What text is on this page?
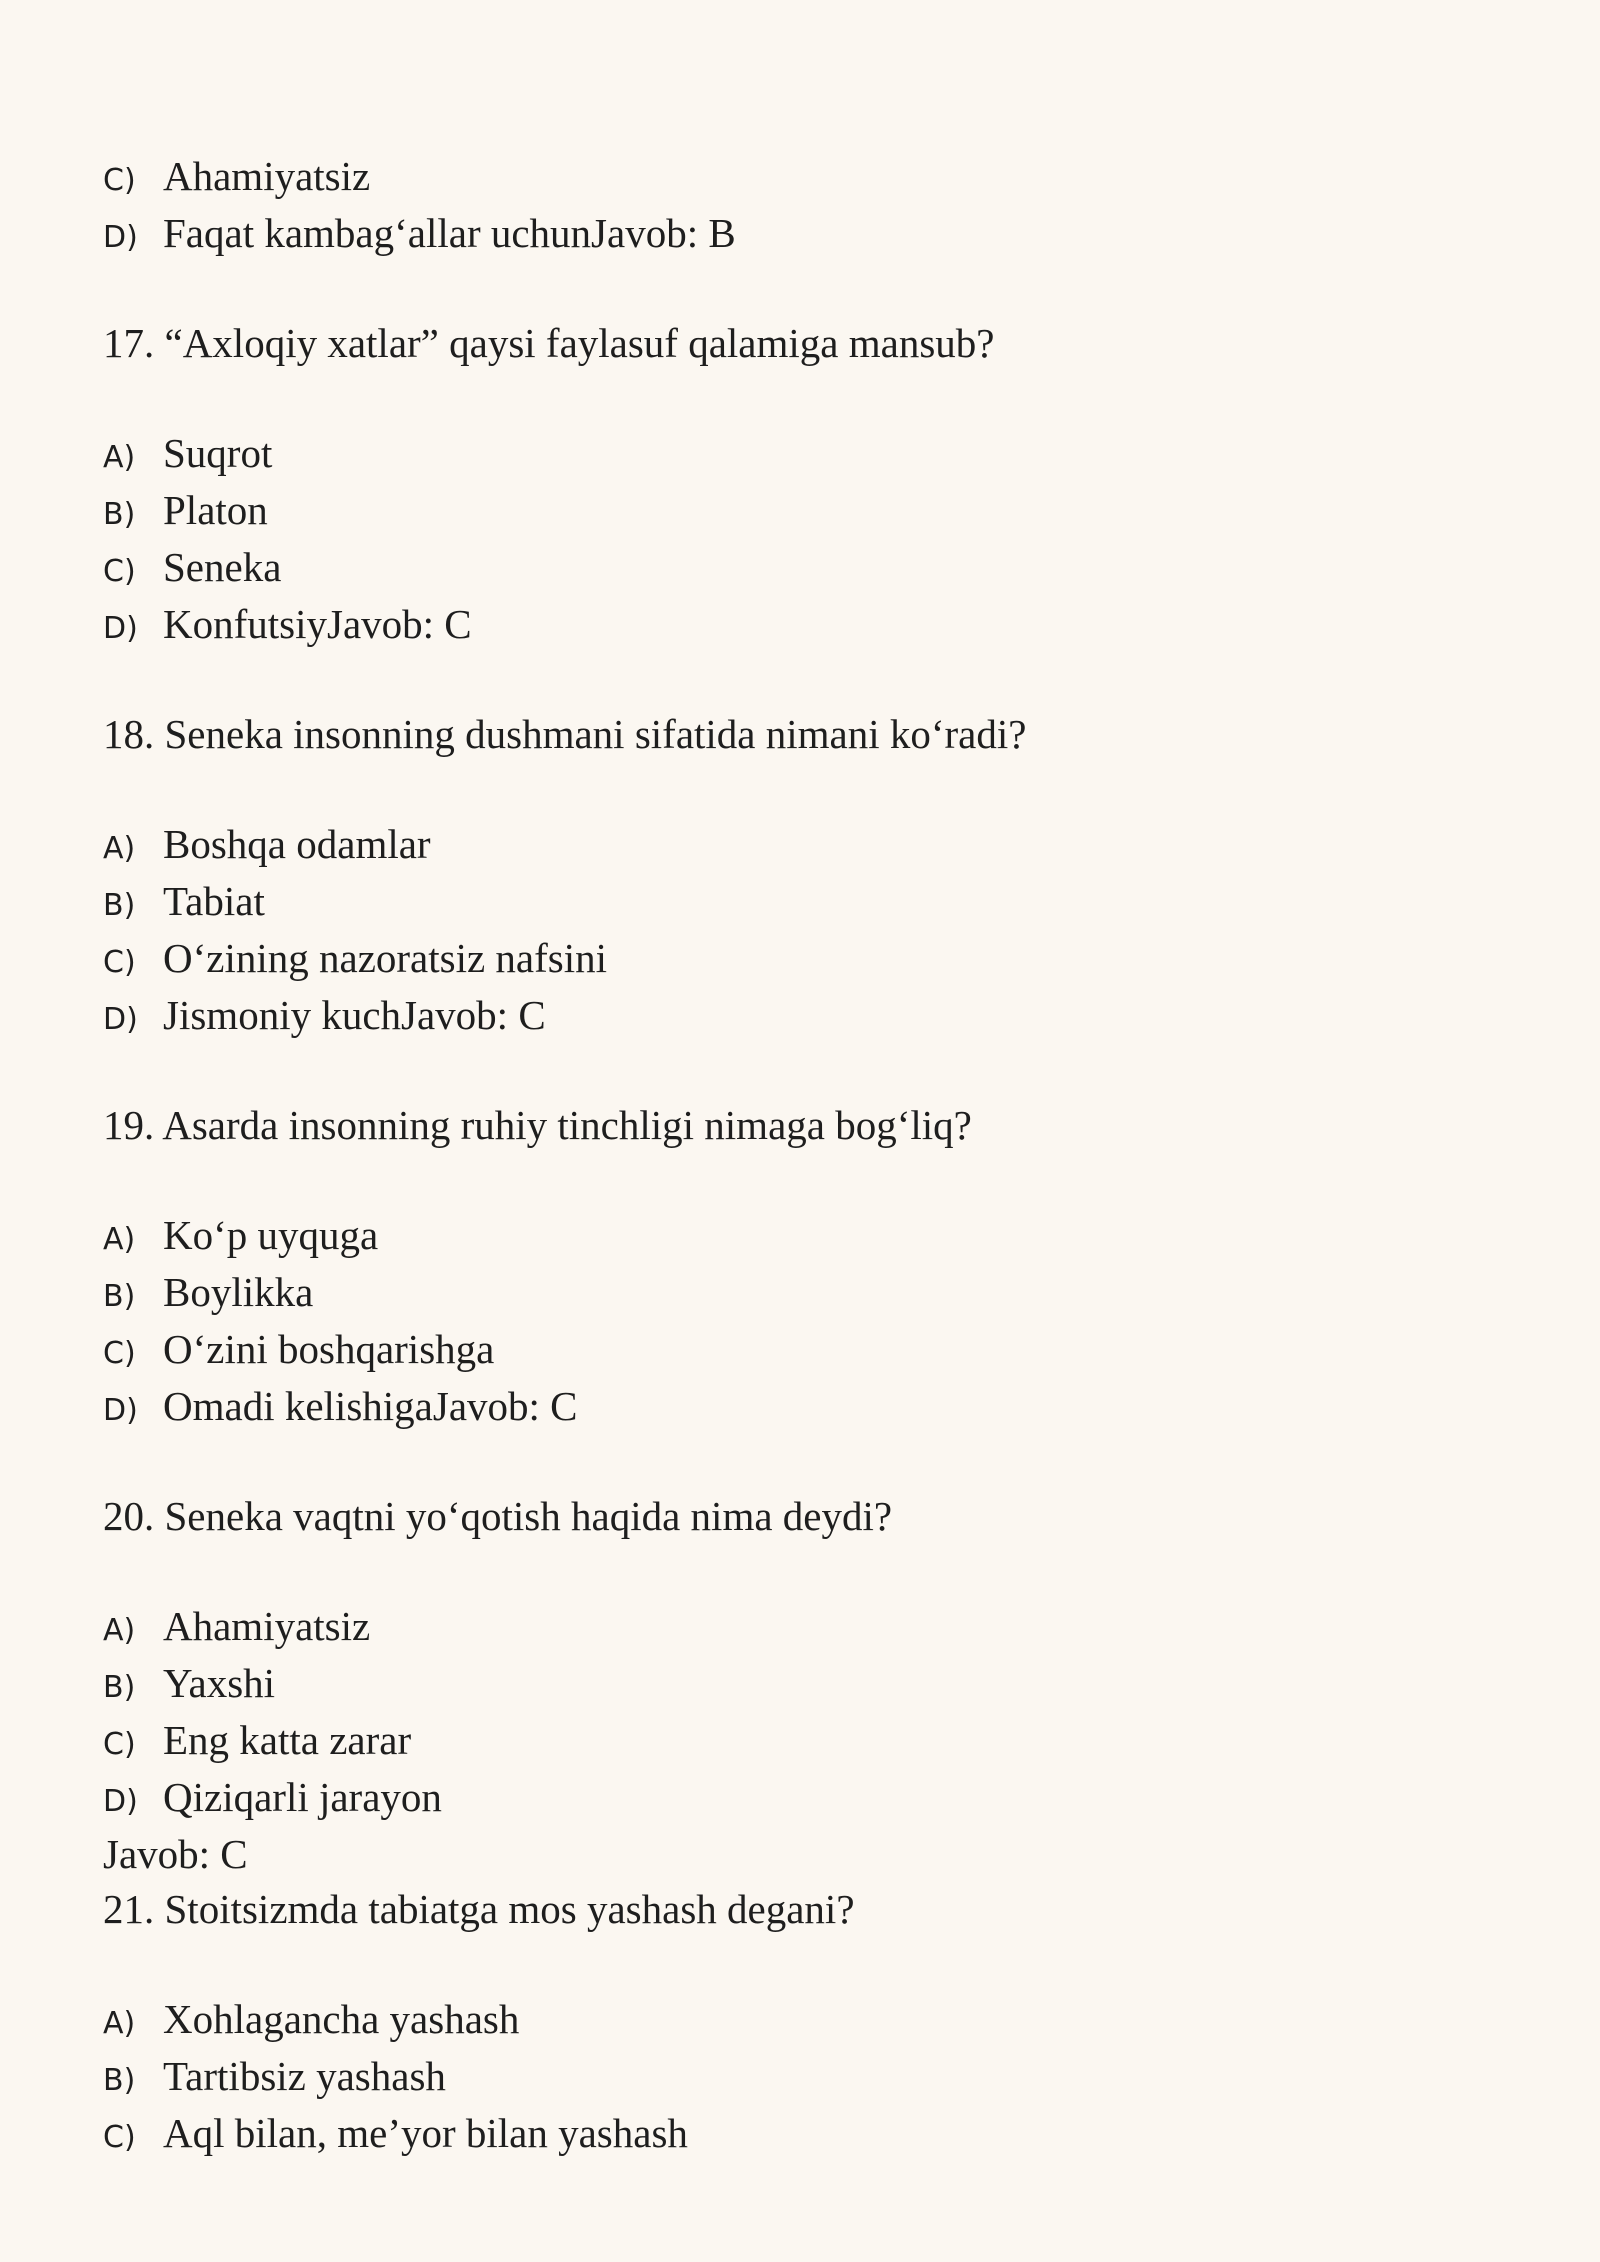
C) Ahamiyatsiz
D) Faqat kambag‘allar uchunJavob: B
17. “Axloqiy xatlar” qaysi faylasuf qalamiga mansub?
A) Suqrot
B) Platon
C) Seneka
D) KonfutsiyJavob: C
18. Seneka insonning dushmani sifatida nimani ko‘radi?
A) Boshqa odamlar
B) Tabiat
C) O‘zining nazoratsiz nafsini
D) Jismoniy kuchJavob: C
19. Asarda insonning ruhiy tinchligi nimaga bog‘liq?
A) Ko‘p uyquga
B) Boylikka
C) O‘zini boshqarishga
D) Omadi kelishigaJavob: C
20. Seneka vaqtni yo‘qotish haqida nima deydi?
A) Ahamiyatsiz
B) Yaxshi
C) Eng katta zarar
D) Qiziqarli jarayon
Javob: C
21. Stoitsizmda tabiatga mos yashash degani?
A) Xohlagancha yashash
B) Tartibsiz yashash
C) Aql bilan, me’yor bilan yashash
